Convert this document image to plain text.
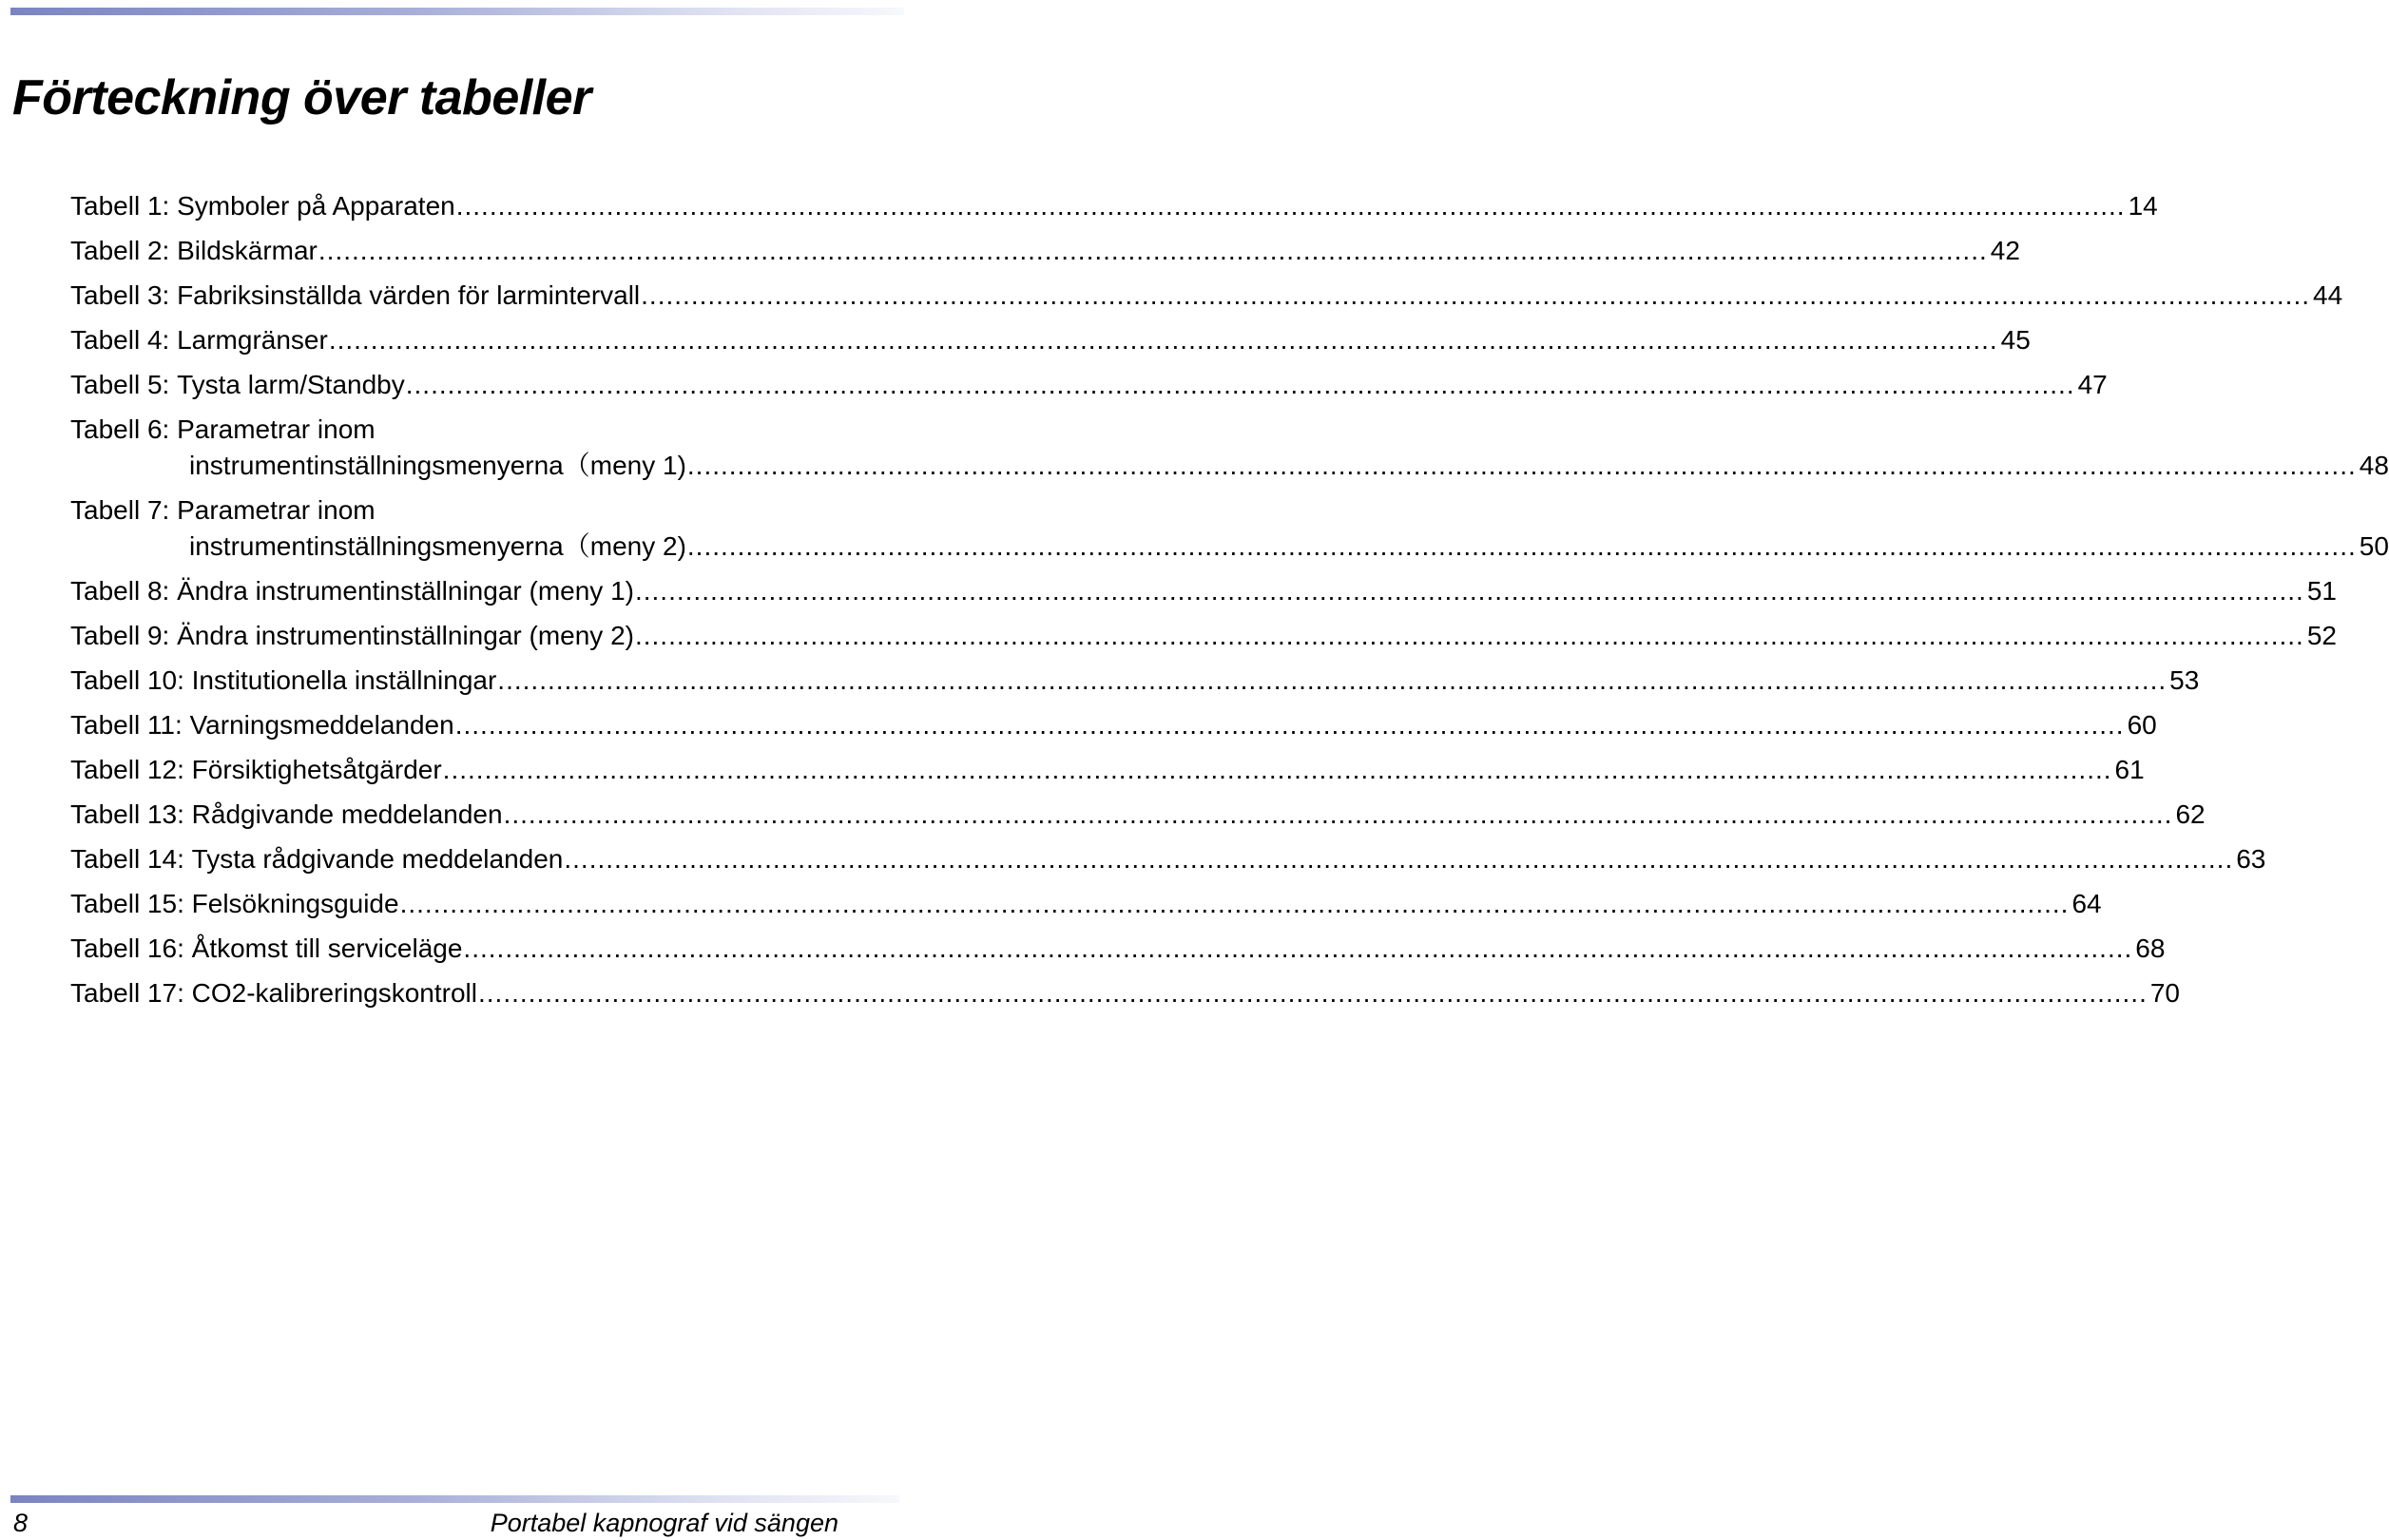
Förteckning över tabeller
Tabell 1:
Symboler på Apparaten ........................................................................................................................................................................................................ 14
Tabell 2:
Bildskärmar ........................................................................................................................................................................................................ 42
Tabell 3:
Fabriksinställda värden för larmintervall ........................................................................................................................................................................................................ 44
Tabell 4:
Larmgränser ........................................................................................................................................................................................................ 45
Tabell 5:
Tysta larm/Standby ........................................................................................................................................................................................................ 47
Tabell 6:
Parametrar inom
instrumentinställningsmenyerna（meny 1) ........................................................................................................................................................................................................ 48
Tabell 7:
Parametrar inom
instrumentinställningsmenyerna（meny 2) ........................................................................................................................................................................................................ 50
Tabell 8:
Ändra instrumentinställningar (meny 1) ........................................................................................................................................................................................................ 51
Tabell 9:
Ändra instrumentinställningar (meny 2) ........................................................................................................................................................................................................ 52
Tabell 10:
Institutionella inställningar ........................................................................................................................................................................................................ 53
Tabell 11:
Varningsmeddelanden ........................................................................................................................................................................................................ 60
Tabell 12:
Försiktighetsåtgärder ........................................................................................................................................................................................................ 61
Tabell 13:
Rådgivande meddelanden ........................................................................................................................................................................................................ 62
Tabell 14:
Tysta rådgivande meddelanden ........................................................................................................................................................................................................ 63
Tabell 15:
Felsökningsguide ........................................................................................................................................................................................................ 64
Tabell 16:
Åtkomst till serviceläge ........................................................................................................................................................................................................ 68
Tabell 17:
CO2-kalibreringskontroll ........................................................................................................................................................................................................ 70
8	Portabel kapnograf vid sängen
